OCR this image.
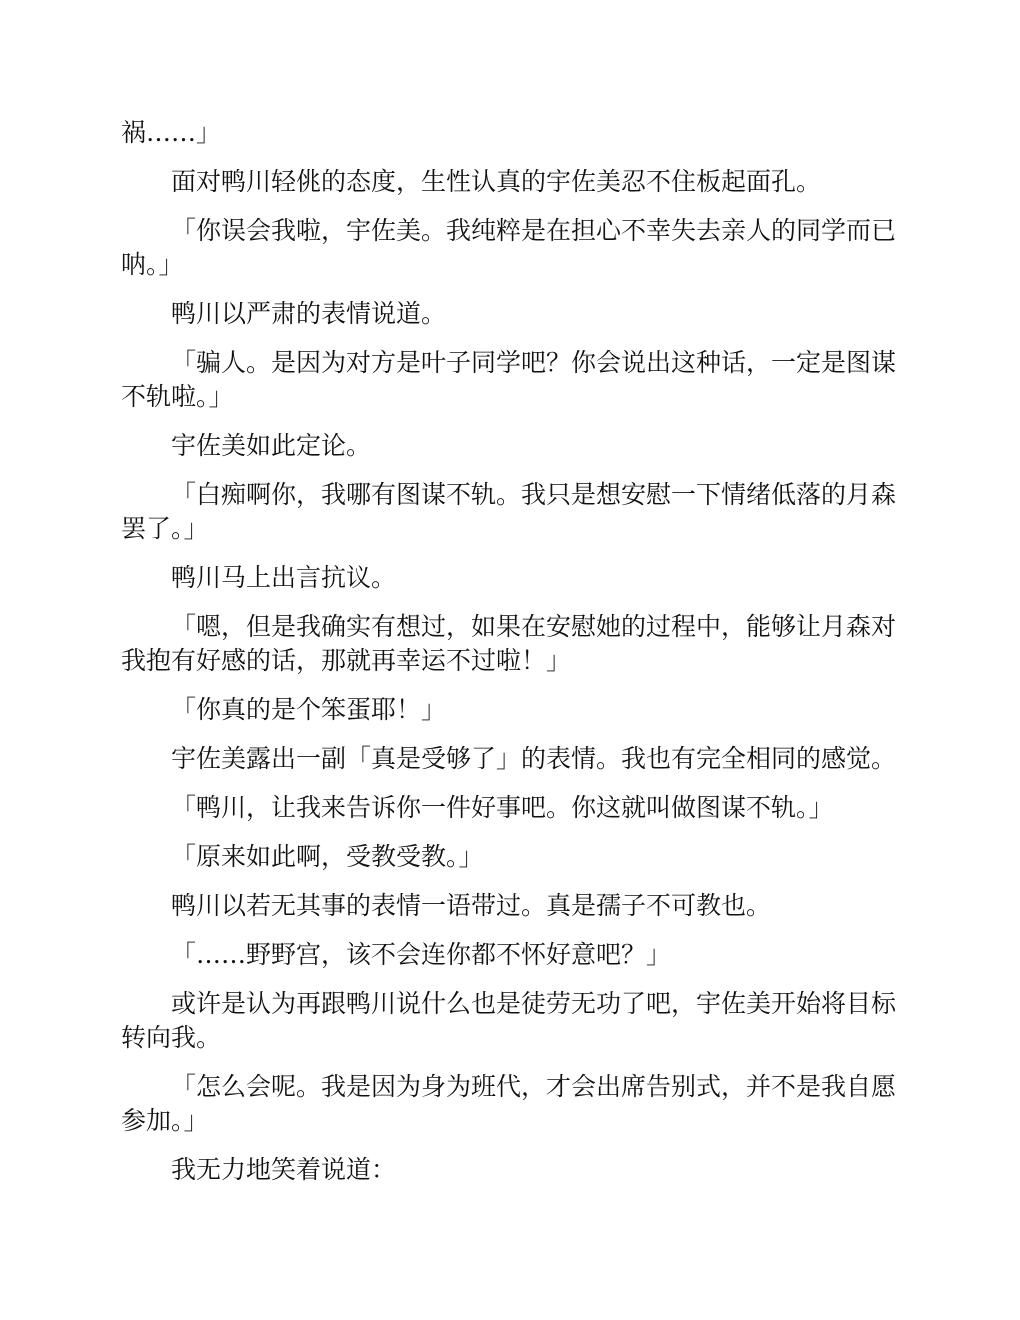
祸……」

面对鸭川轻佻的态度，生性认真的宇佐美忍不住板起面孔。

「你误会我啦，宇佐美。我纯粹是在担心不幸失去亲人的同学而已呐。」

鸭川以严肃的表情说道。

「骗人。是因为对方是叶子同学吧？你会说出这种话，一定是图谋不轨啦。」

宇佐美如此定论。

「白痴啊你，我哪有图谋不轨。我只是想安慰一下情绪低落的月森罢了。」

鸭川马上出言抗议。

「嗯，但是我确实有想过，如果在安慰她的过程中，能够让月森对我抱有好感的话，那就再幸运不过啦！」

「你真的是个笨蛋耶！」

宇佐美露出一副「真是受够了」的表情。我也有完全相同的感觉。

「鸭川，让我来告诉你一件好事吧。你这就叫做图谋不轨。」

「原来如此啊，受教受教。」

鸭川以若无其事的表情一语带过。真是孺子不可教也。

「……野野宫，该不会连你都不怀好意吧？」

或许是认为再跟鸭川说什么也是徒劳无功了吧，宇佐美开始将目标转向我。

「怎么会呢。我是因为身为班代，才会出席告别式，并不是我自愿参加。」

我无力地笑着说道：
